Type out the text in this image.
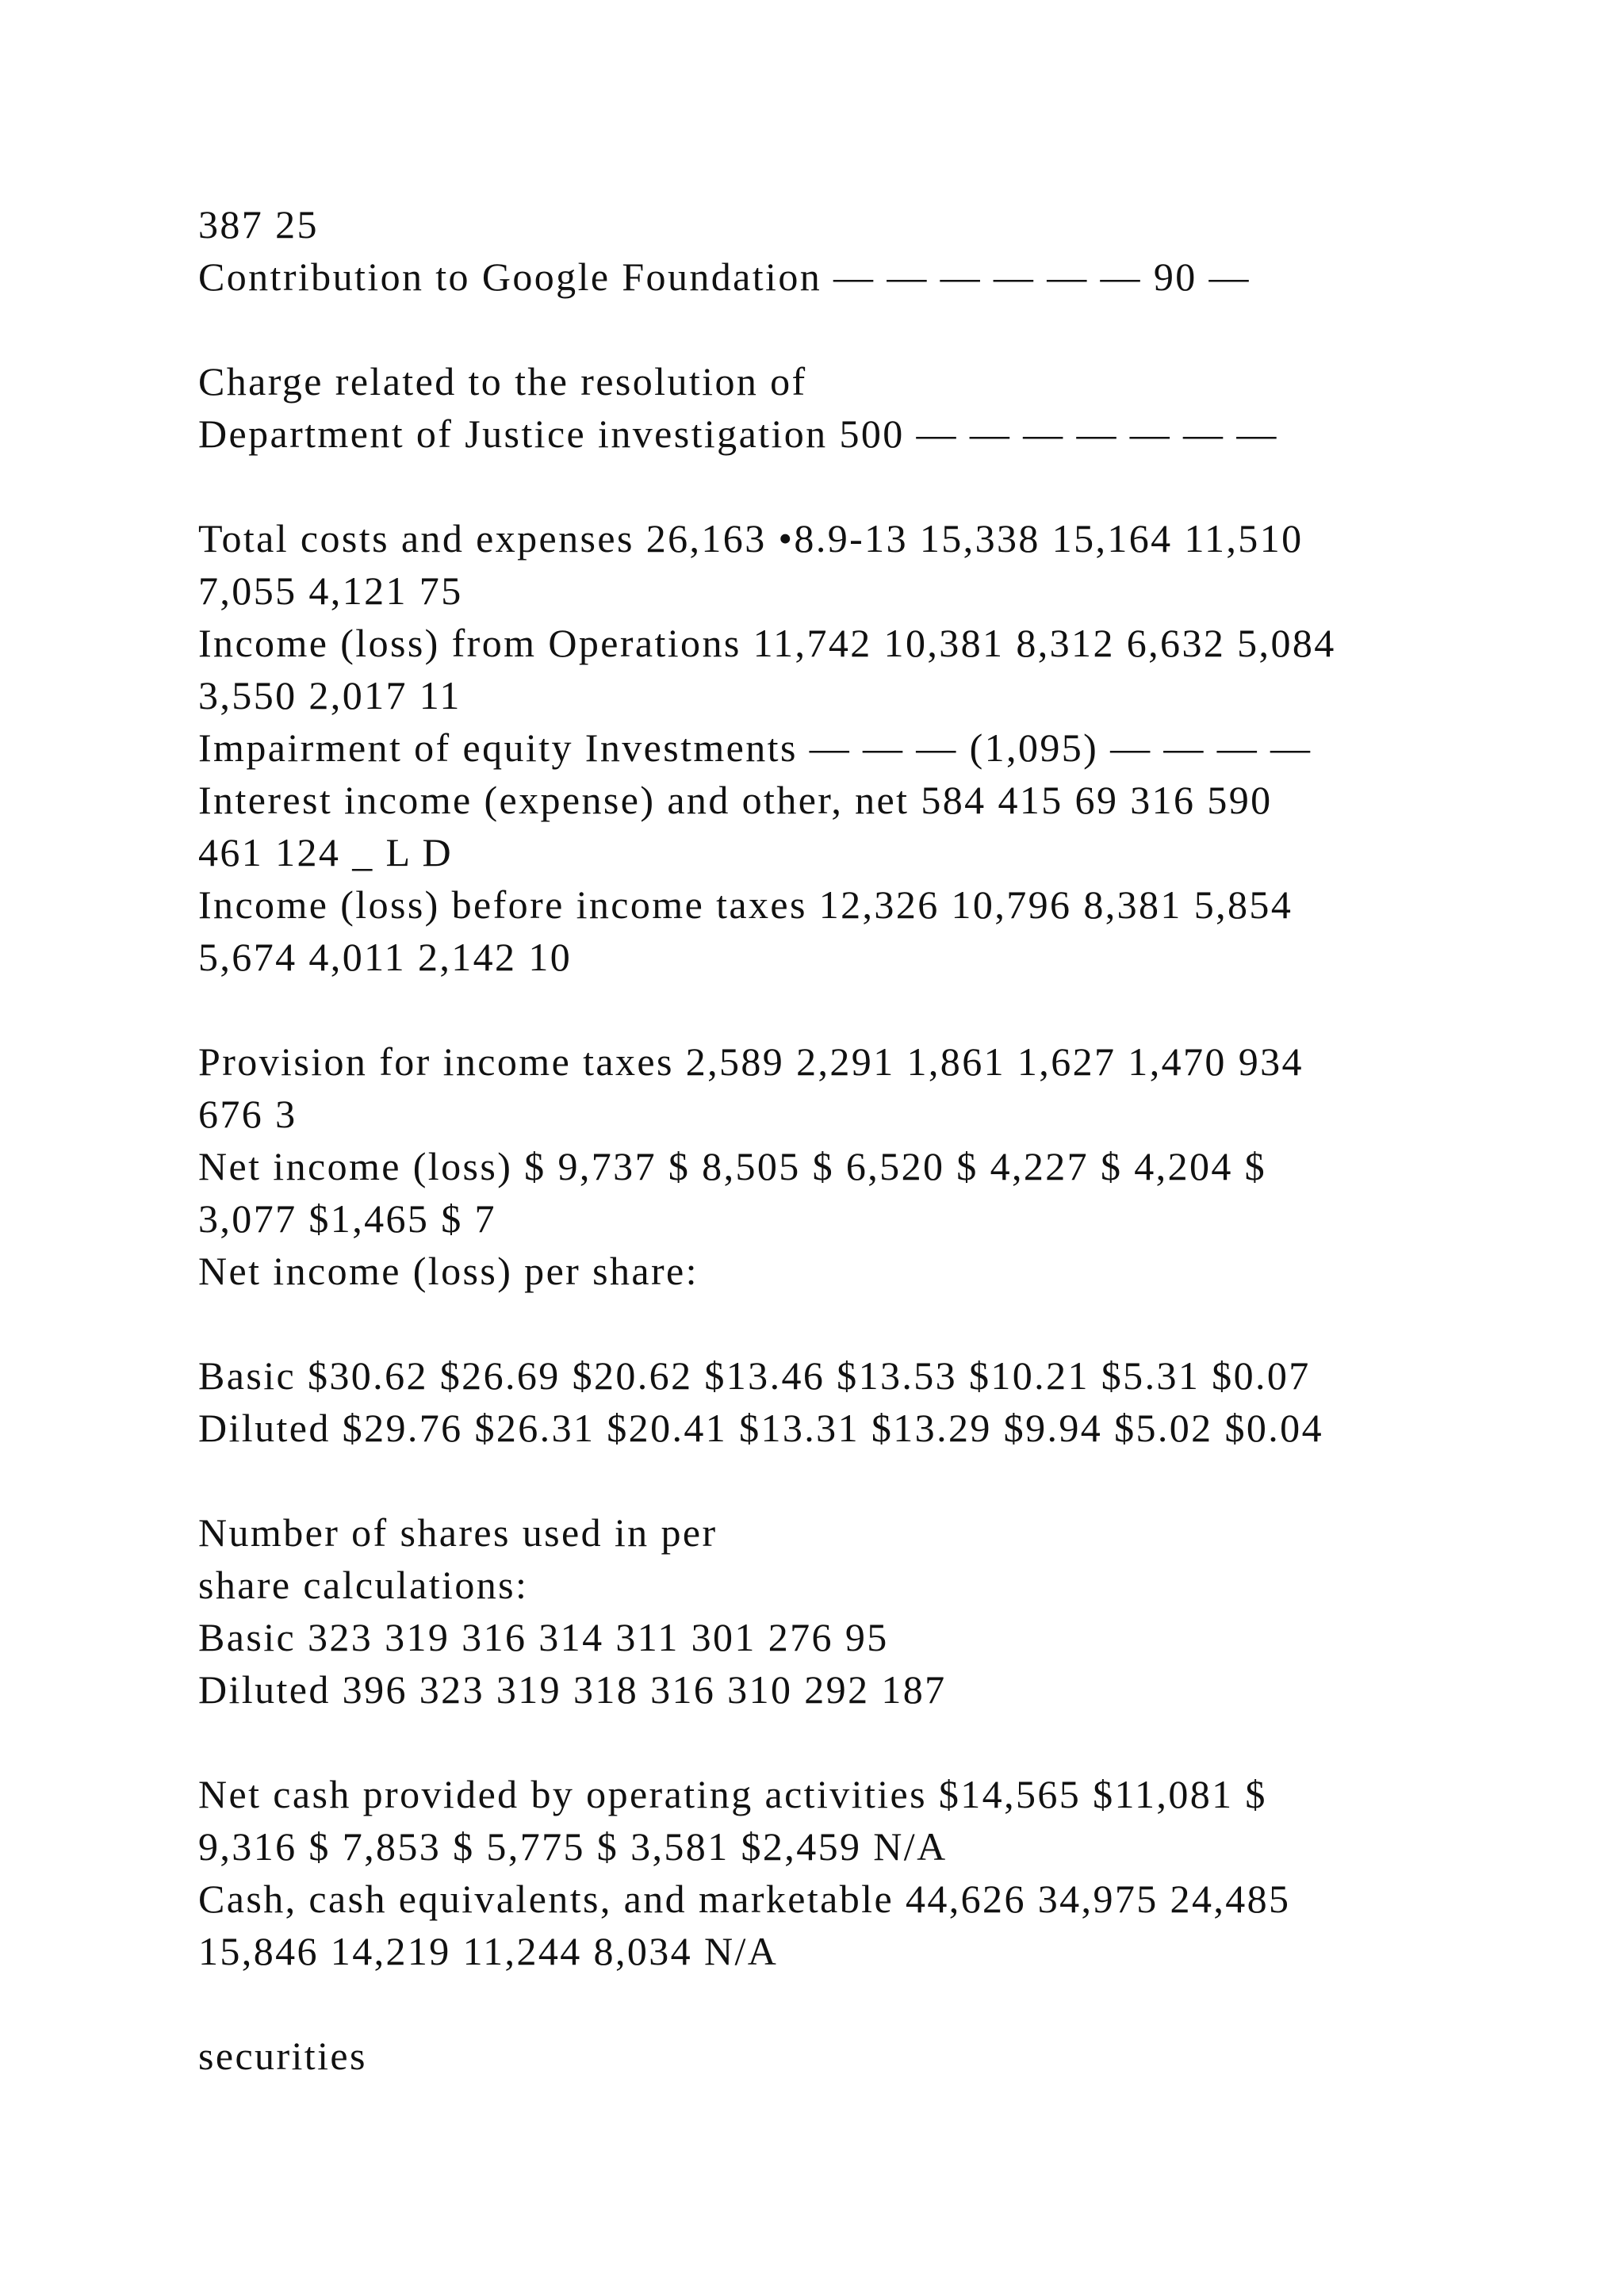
387 25
Contribution to Google Foundation — — — — — — 90 —
Charge related to the resolution of
Department of Justice investigation 500 — — — — — — —
Total costs and expenses 26,163 •8.9-13 15,338 15,164 11,510
7,055 4,121 75
Income (loss) from Operations 11,742 10,381 8,312 6,632 5,084
3,550 2,017 11
Impairment of equity Investments — — — (1,095) — — — —
Interest income (expense) and other, net 584 415 69 316 590
461 124 _ L D
Income (loss) before income taxes 12,326 10,796 8,381 5,854
5,674 4,011 2,142 10
Provision for income taxes 2,589 2,291 1,861 1,627 1,470 934
676 3
Net income (loss) $ 9,737 $ 8,505 $ 6,520 $ 4,227 $ 4,204 $
3,077 $1,465 $ 7
Net income (loss) per share:
Basic $30.62 $26.69 $20.62 $13.46 $13.53 $10.21 $5.31 $0.07
Diluted $29.76 $26.31 $20.41 $13.31 $13.29 $9.94 $5.02 $0.04
Number of shares used in per
share calculations:
Basic 323 319 316 314 311 301 276 95
Diluted 396 323 319 318 316 310 292 187
Net cash provided by operating activities $14,565 $11,081 $
9,316 $ 7,853 $ 5,775 $ 3,581 $2,459 N/A
Cash, cash equivalents, and marketable 44,626 34,975 24,485
15,846 14,219 11,244 8,034 N/A
securities
